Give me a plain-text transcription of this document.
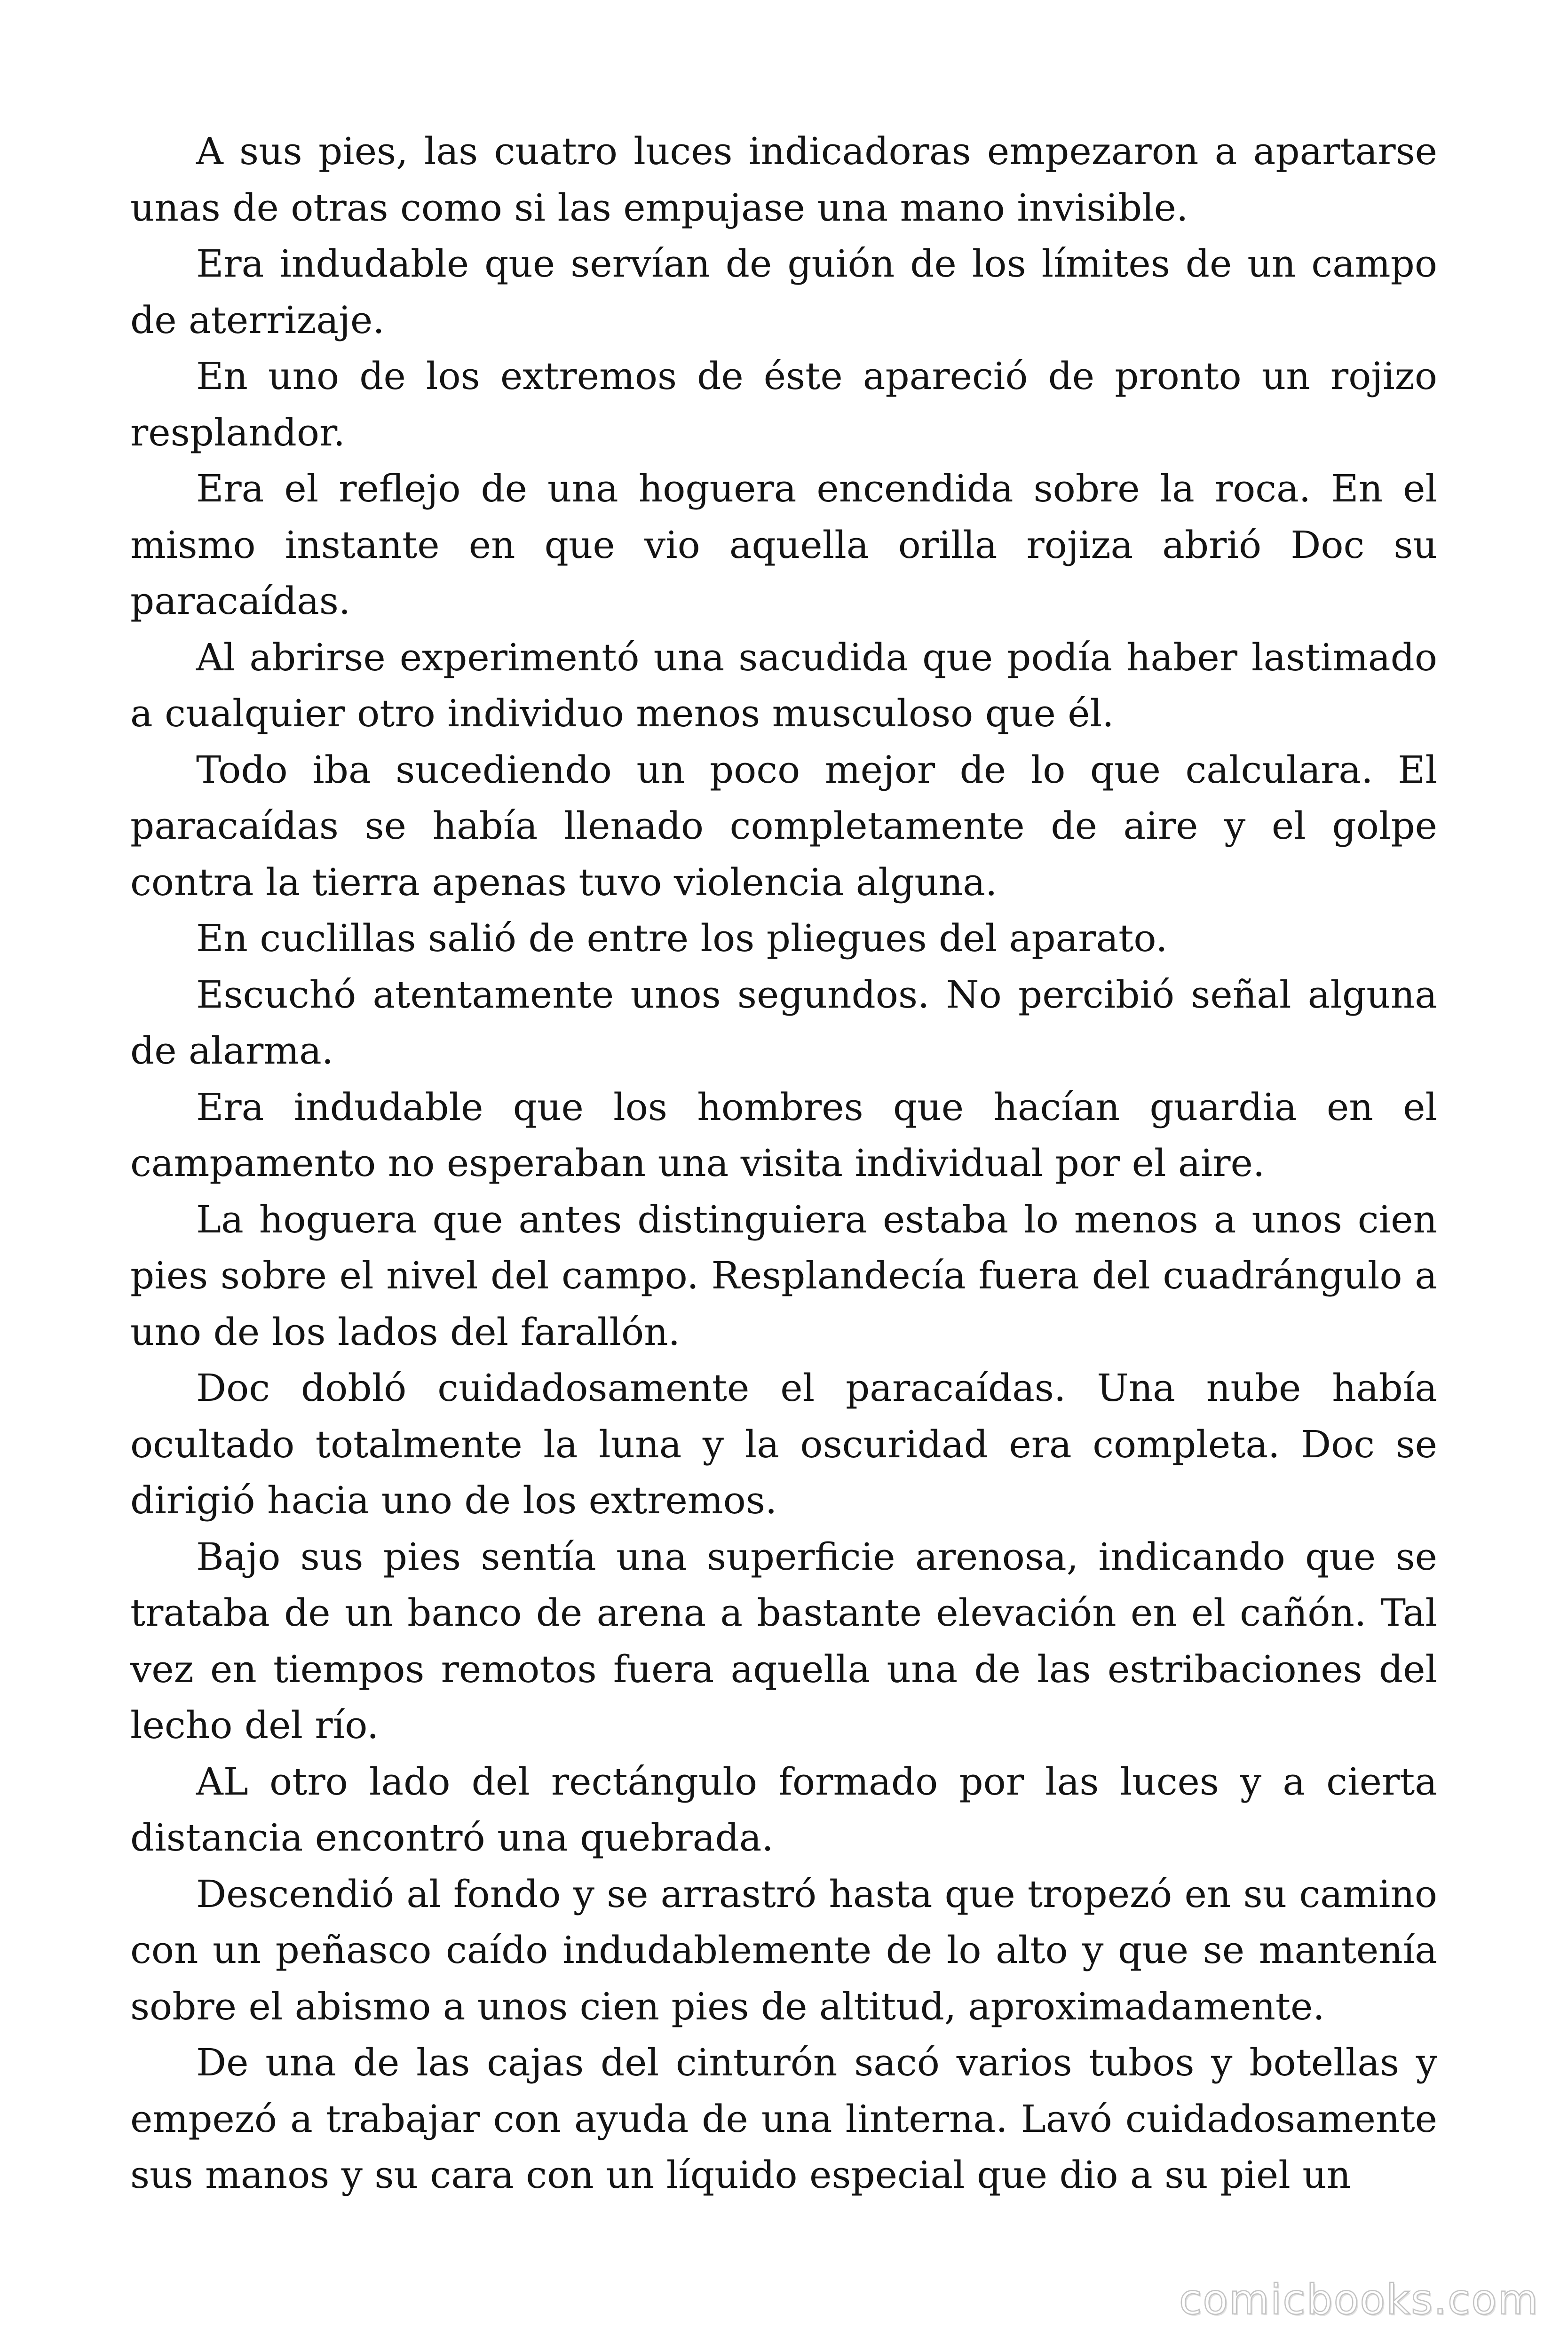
A sus pies, las cuatro luces indicadoras empezaron a apartarse unas de otras como si las empujase una mano invisible.

Era indudable que servían de guión de los límites de un campo de aterrizaje.

En uno de los extremos de éste apareció de pronto un rojizo resplandor.

Era el reflejo de una hoguera encendida sobre la roca. En el mismo instante en que vio aquella orilla rojiza abrió Doc su paracaídas.

Al abrirse experimentó una sacudida que podía haber lastimado a cualquier otro individuo menos musculoso que él.

Todo iba sucediendo un poco mejor de lo que calculara. El paracaídas se había llenado completamente de aire y el golpe contra la tierra apenas tuvo violencia alguna.

En cuclillas salió de entre los pliegues del aparato.

Escuchó atentamente unos segundos. No percibió señal alguna de alarma.

Era indudable que los hombres que hacían guardia en el campamento no esperaban una visita individual por el aire.

La hoguera que antes distinguiera estaba lo menos a unos cien pies sobre el nivel del campo. Resplandecía fuera del cuadrángulo a uno de los lados del farallón.

Doc dobló cuidadosamente el paracaídas. Una nube había ocultado totalmente la luna y la oscuridad era completa. Doc se dirigió hacia uno de los extremos.

Bajo sus pies sentía una superficie arenosa, indicando que se trataba de un banco de arena a bastante elevación en el cañón. Tal vez en tiempos remotos fuera aquella una de las estribaciones del lecho del río.

AL otro lado del rectángulo formado por las luces y a cierta distancia encontró una quebrada.

Descendió al fondo y se arrastró hasta que tropezó en su camino con un peñasco caído indudablemente de lo alto y que se mantenía sobre el abismo a unos cien pies de altitud, aproximadamente.

De una de las cajas del cinturón sacó varios tubos y botellas y empezó a trabajar con ayuda de una linterna. Lavó cuidadosamente sus manos y su cara con un líquido especial que dio a su piel un

comicbooks.com
